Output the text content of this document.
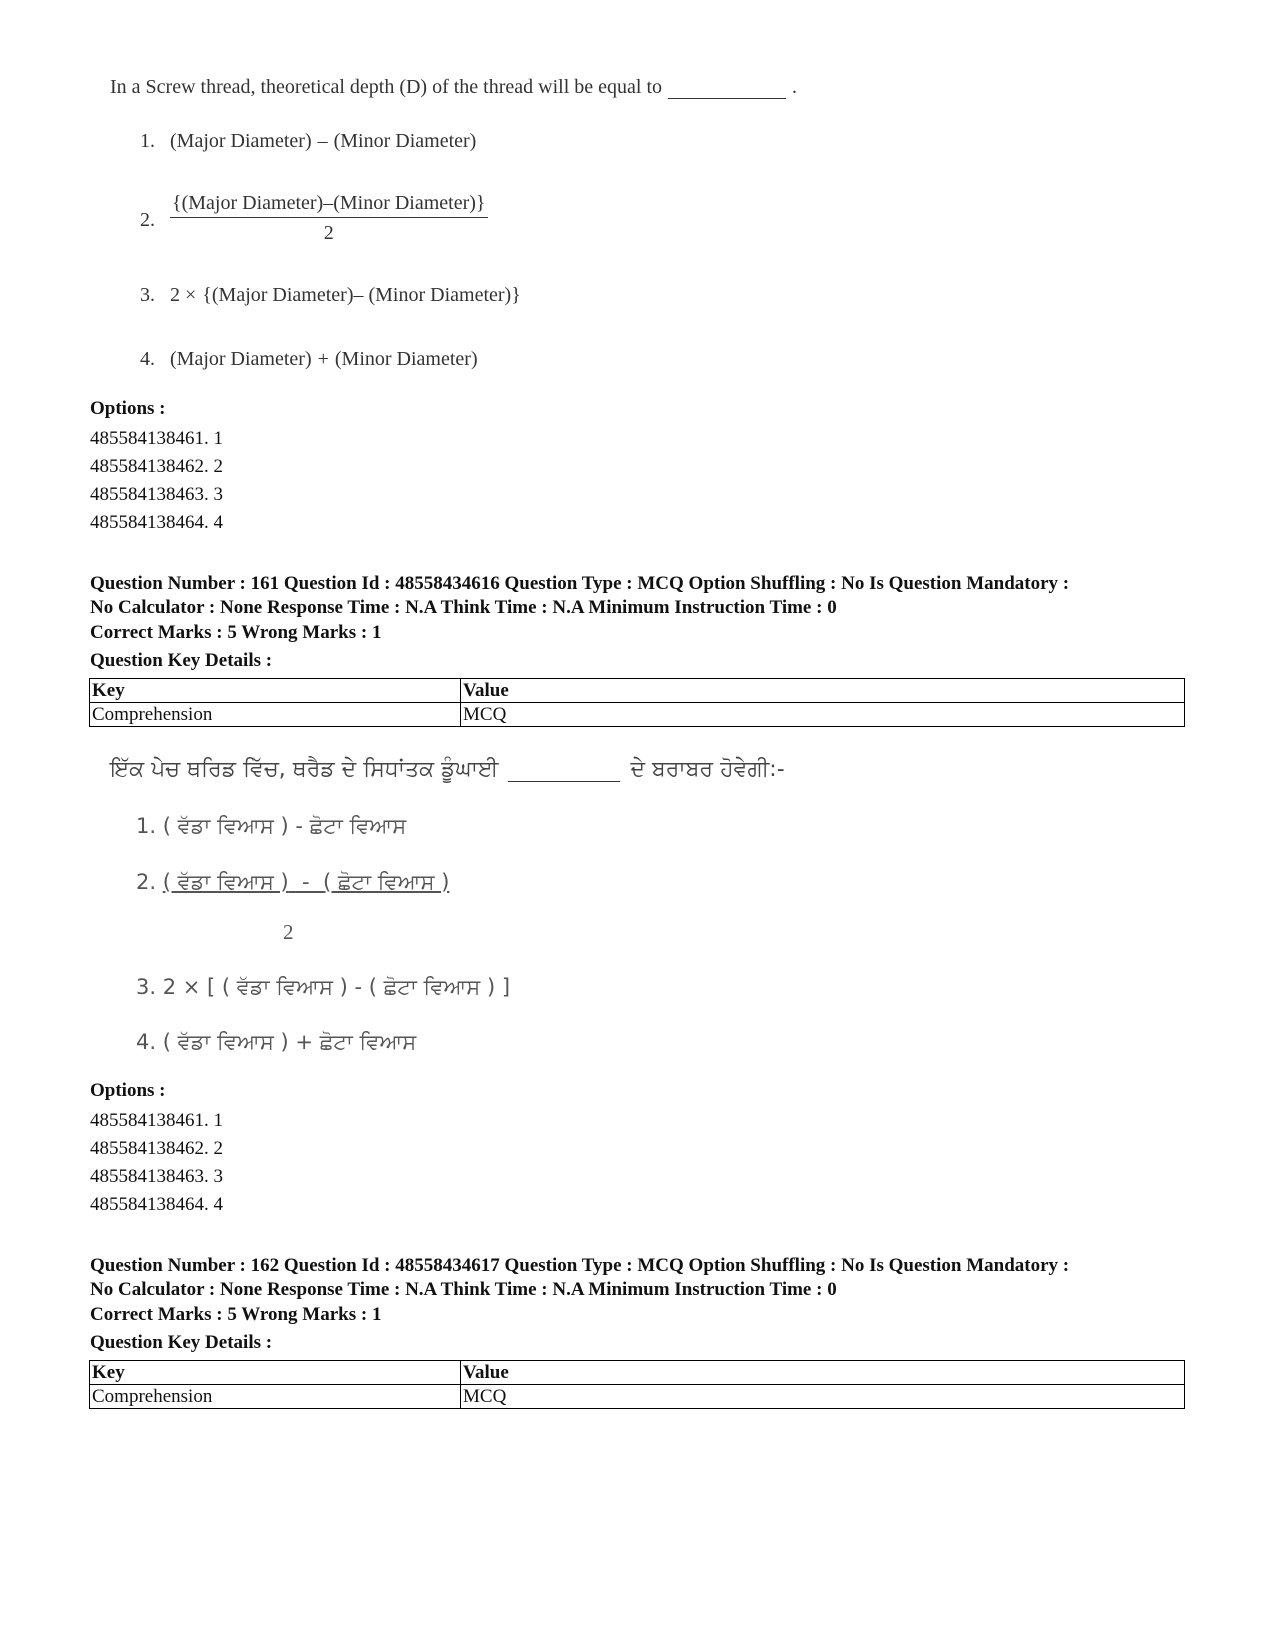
In a Screw thread, theoretical depth (D) of the thread will be equal to	.
1. (Major Diameter) – (Minor Diameter)
2. $\frac{\text{\{(Major Diameter)–(Minor Diameter)\}}}{2}$
3. 2 × {(Major Diameter)– (Minor Diameter)}
4. (Major Diameter) + (Minor Diameter)
Options :
485584138461. 1
485584138462. 2
485584138463. 3
485584138464. 4
Question Number : 161 Question Id : 48558434616 Question Type : MCQ Option Shuffling : No Is Question Mandatory :
No Calculator : None Response Time : N.A Think Time : N.A Minimum Instruction Time : 0
Correct Marks : 5 Wrong Marks : 1
Question Key Details :
Key	Value
Comprehension	MCQ
ਇੱਕ ਪੇਚ ਥਰਿਡ ਵਿੱਚ, ਥਰੈਡ ਦੇ ਸਿਧਾਂਤਕ ਡੂੰਘਾਈ	ਦੇ ਬਰਾਬਰ ਹੋਵੇਗੀ:-
1. ( ਵੱਡਾ ਵਿਆਸ ) - ਛੋਟਾ ਵਿਆਸ
2. ( ਵੱਡਾ ਵਿਆਸ )  -  ( ਛੋਟਾ ਵਿਆਸ )
2
3. 2 × [ ( ਵੱਡਾ ਵਿਆਸ ) - ( ਛੋਟਾ ਵਿਆਸ ) ]
4. ( ਵੱਡਾ ਵਿਆਸ ) + ਛੋਟਾ ਵਿਆਸ
Options :
485584138461. 1
485584138462. 2
485584138463. 3
485584138464. 4
Question Number : 162 Question Id : 48558434617 Question Type : MCQ Option Shuffling : No Is Question Mandatory :
No Calculator : None Response Time : N.A Think Time : N.A Minimum Instruction Time : 0
Correct Marks : 5 Wrong Marks : 1
Question Key Details :
Key	Value
Comprehension	MCQ
